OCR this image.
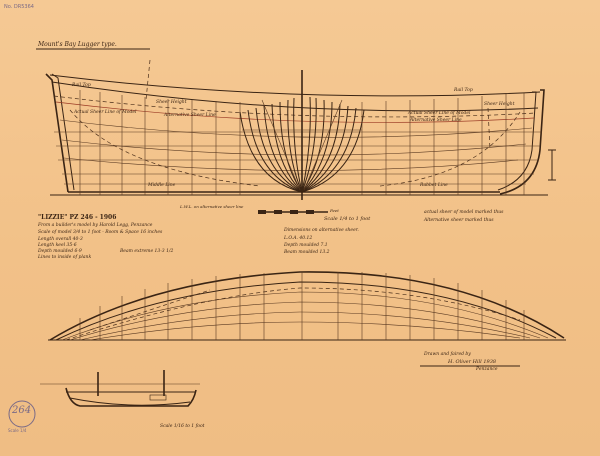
No. DR5364
Mount's Bay Lugger type.
Rail Top
Rail Top
Sheer Height	Sheer Height
Actual Sheer Line of Model	Actual Sheer Line of Model
Alternative Sheer Line
Alternative Sheer Line
Middle Line	Rabbet Line
L.W.L. on alternative sheer line
Feet
Scale 1/4 to 1 foot
actual sheer of model marked thus
Alternative sheer marked thus
Dimensions on alternative sheer.
L.O.A. 40.12
Depth moulded 7.1
Beam moulded 13.2
"LIZZIE" PZ 246 - 1906
From a builder's model by Harold Legg, Penzance
Scale of model 3/4 to 1 foot - Room & Space 16 inches
Length overall 40-3
Length keel 35-6
Depth moulded 6-9	Beam extreme 13-3 1/2
Lines to inside of plank
Drawn and faired by
H. Oliver Hill 1938
Penzance
Scale 1/16 to 1 foot
264
Scale 1/4
